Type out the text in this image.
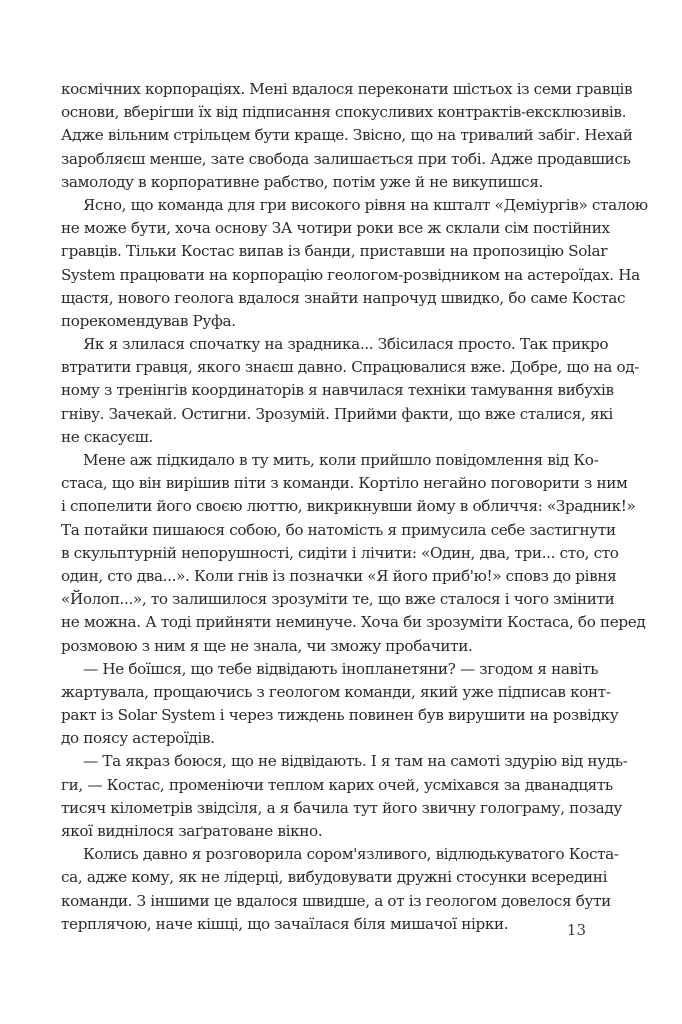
космічних корпораціях. Мені вдалося переконати шістьох із семи гравців
основи, вберігши їх від підписання спокусливих контрактів-ексклюзивів.
Адже вільним стрільцем бути краще. Звісно, що на тривалий забіг. Нехай
заробляєш менше, зате свобода залишається при тобі. Адже продавшись
замолоду в корпоративне рабство, потім уже й не викупишся.
Ясно, що команда для гри високого рівня на кшталт «Деміургів» сталою
не може бути, хоча основу ЗА чотири роки все ж склали сім постійних
гравців. Тільки Костас випав із банди, приставши на пропозицію Solar
System працювати на корпорацію геологом-розвідником на астероїдах. На
щастя, нового геолога вдалося знайти напрочуд швидко, бо саме Костас
порекомендував Руфа.
Як я злилася спочатку на зрадника... Збісилася просто. Так прикро
втратити гравця, якого знаєш давно. Спрацювалися вже. Добре, що на од-
ному з тренінгів координаторів я навчилася техніки тамування вибухів
гніву. Зачекай. Остигни. Зрозумій. Прийми факти, що вже сталися, які
не скасуєш.
Мене аж підкидало в ту мить, коли прийшло повідомлення від Ко-
стаса, що він вирішив піти з команди. Кортіло негайно поговорити з ним
і спопелити його своєю люттю, викрикнувши йому в обличчя: «Зрадник!»
Та потайки пишаюся собою, бо натомість я примусила себе застигнути
в скульптурній непорушності, сидіти і лічити: «Один, два, три... сто, сто
один, сто два...». Коли гнів із позначки «Я його приб'ю!» сповз до рівня
«Йолоп...», то залишилося зрозуміти те, що вже сталося і чого змінити
не можна. А тоді прийняти неминуче. Хоча би зрозуміти Костаса, бо перед
розмовою з ним я ще не знала, чи зможу пробачити.
— Не боїшся, що тебе відвідають інопланетяни? — згодом я навіть
жартувала, прощаючись з геологом команди, який уже підписав конт-
ракт із Solar System і через тиждень повинен був вирушити на розвідку
до поясу астероїдів.
— Та якраз боюся, що не відвідають. І я там на самоті здурію від нудь-
ги, — Костас, променіючи теплом карих очей, усміхався за дванадцять
тисяч кілометрів звідсіля, а я бачила тут його звичну голограму, позаду
якої виднілося заґратоване вікно.
Колись давно я розговорила сором'язливого, відлюдькуватого Коста-
са, адже кому, як не лідерці, вибудовувати дружні стосунки всередині
команди. З іншими це вдалося швидше, а от із геологом довелося бути
терплячою, наче кішці, що зачаїлася біля мишачої нірки.	13
